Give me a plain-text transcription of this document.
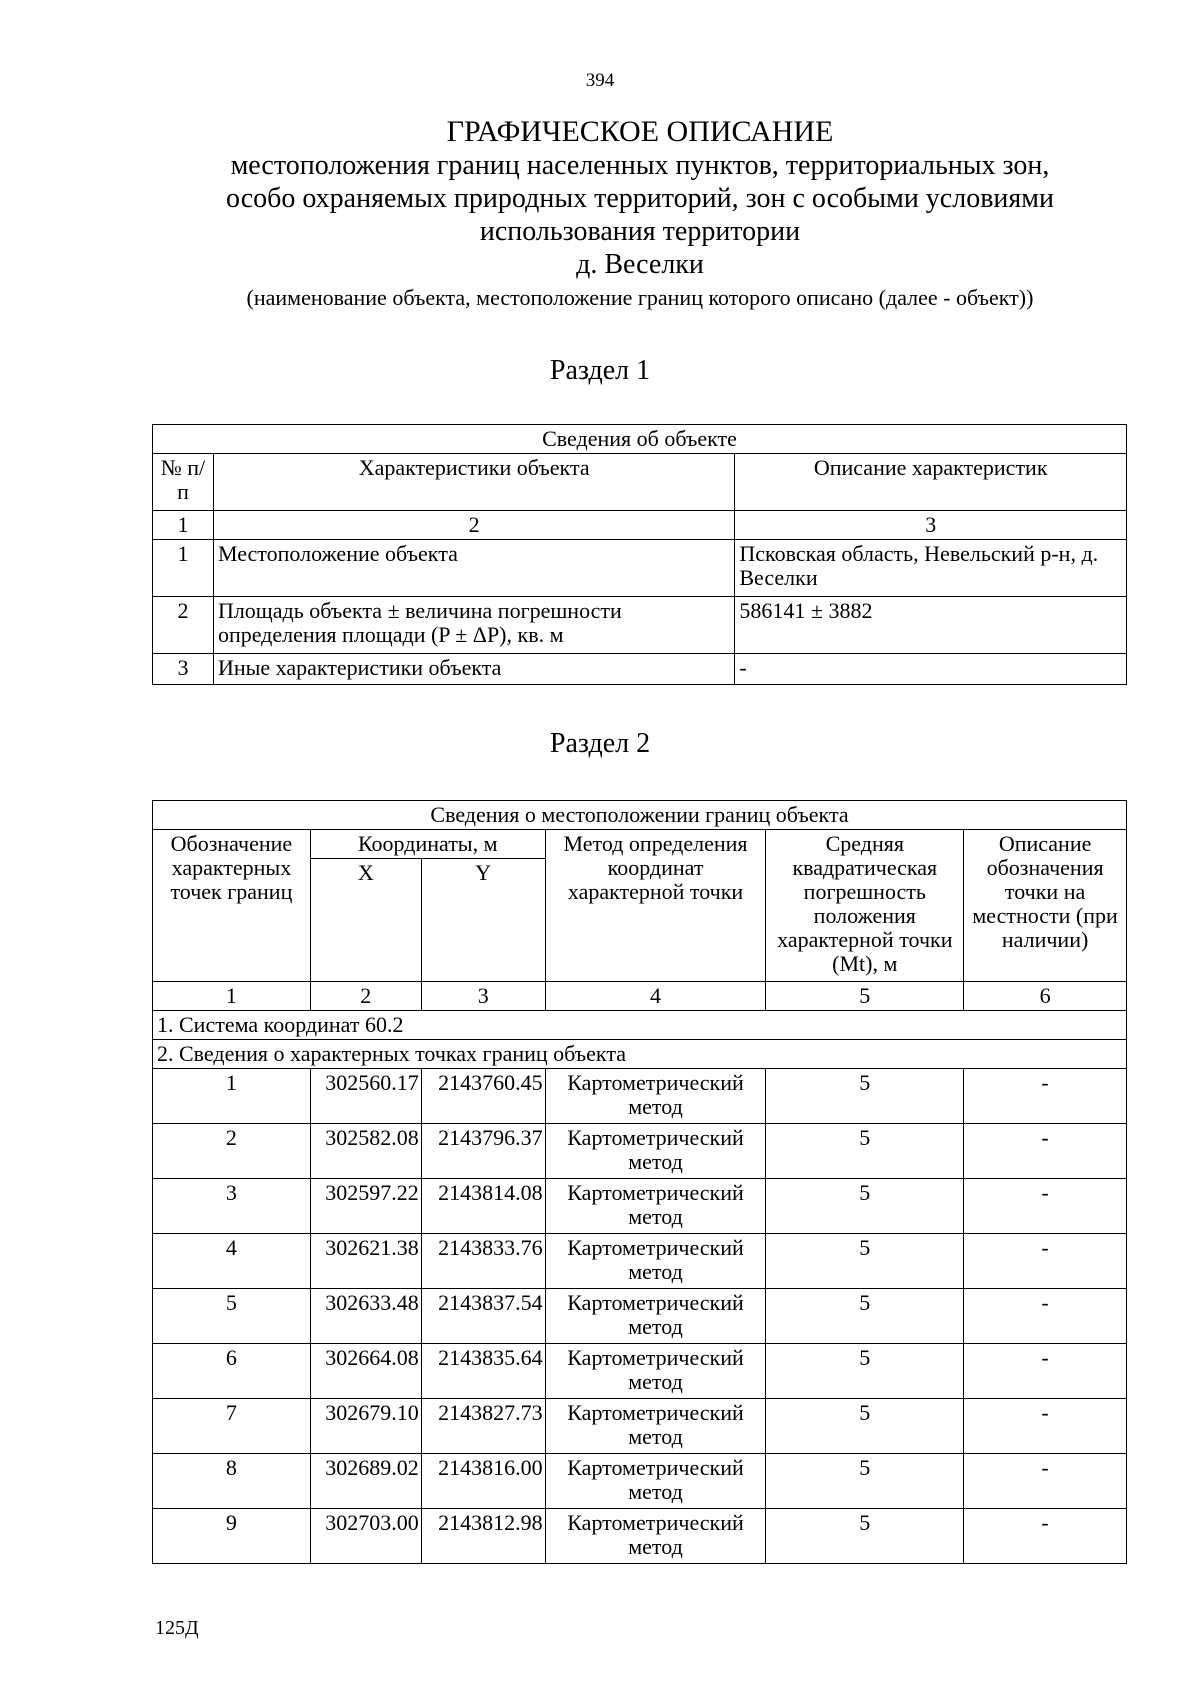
394
ГРАФИЧЕСКОЕ ОПИСАНИЕ
местоположения границ населенных пунктов, территориальных зон,
особо охраняемых природных территорий, зон с особыми условиями
использования территории
д. Веселки
(наименование объекта, местоположение границ которого описано (далее - объект))
Раздел 1
Сведения об объекте		
№ п/п	Характеристики объекта	Описание характеристик
1	2	3
1	Местоположение объекта	Псковская область, Невельский р-н, д. Веселки
2	Площадь объекта ± величина погрешности определения площади (P ± ΔP), кв. м	586141 ± 3882
3	Иные характеристики объекта	-
Раздел 2
Сведения о местоположении границ объекта					
Обозначение характерных точек границ	Координаты, м		Метод определения координат характерной точки	Средняя квадратическая погрешность положения характерной точки (Mt), м	Описание обозначения точки на местности (при наличии)
	X	Y			
1	2	3	4	5	6
1. Система координат 60.2					
2. Сведения о характерных точках границ объекта					
1	302560.17	2143760.45	Картометрический метод	5	-
2	302582.08	2143796.37	Картометрический метод	5	-
3	302597.22	2143814.08	Картометрический метод	5	-
4	302621.38	2143833.76	Картометрический метод	5	-
5	302633.48	2143837.54	Картометрический метод	5	-
6	302664.08	2143835.64	Картометрический метод	5	-
7	302679.10	2143827.73	Картометрический метод	5	-
8	302689.02	2143816.00	Картометрический метод	5	-
9	302703.00	2143812.98	Картометрический метод	5	-
125Д
